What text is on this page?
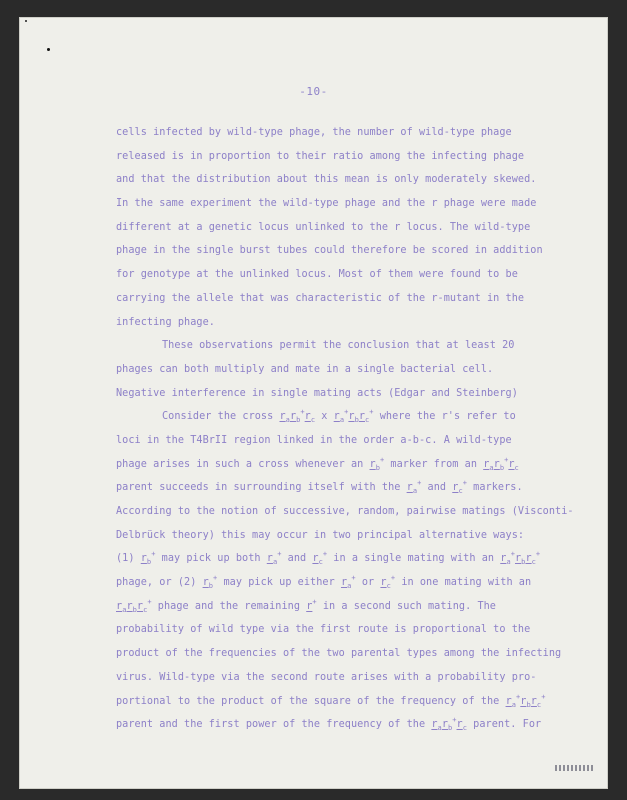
-10-
cells infected by wild-type phage, the number of wild-type phage
released is in proportion to their ratio among the infecting phage
and that the distribution about this mean is only moderately skewed.
In the same experiment the wild-type phage and the r phage were made
different at a genetic locus unlinked to the r locus. The wild-type
phage in the single burst tubes could therefore be scored in addition
for genotype at the unlinked locus. Most of them were found to be
carrying the allele that was characteristic of the r-mutant in the
infecting phage.
These observations permit the conclusion that at least 20
phages can both multiply and mate in a single bacterial cell.
Negative interference in single mating acts (Edgar and Steinberg)
Consider the cross $r_ar_b^+r_c$ x $r_a^+r_br_c^+$ where the r's refer to
loci in the T4BrII region linked in the order a-b-c. A wild-type
phage arises in such a cross whenever an $r_b^+$ marker from an $r_ar_b^+r_c$
parent succeeds in surrounding itself with the $r_a^+$ and $r_c^+$ markers.
According to the notion of successive, random, pairwise matings (Visconti-
Delbrück theory) this may occur in two principal alternative ways:
(1) $r_b^+$ may pick up both $r_a^+$ and $r_c^+$ in a single mating with an $r_a^+r_br_c^+$
phage, or (2) $r_b^+$ may pick up either $r_a^+$ or $r_c^+$ in one mating with an
$r_ar_br_c^+$ phage and the remaining r+ in a second such mating. The
probability of wild type via the first route is proportional to the
product of the frequencies of the two parental types among the infecting
virus. Wild-type via the second route arises with a probability pro-
portional to the product of the square of the frequency of the $r_a^+r_br_c^+$
parent and the first power of the frequency of the $r_ar_b^+r_c$ parent. For
